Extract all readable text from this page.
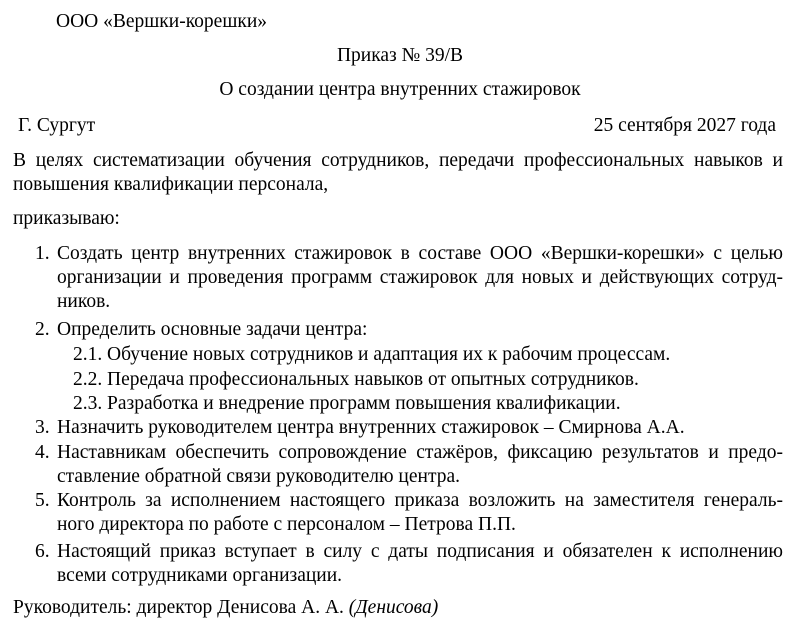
ООО «Вершки-корешки»
Приказ № 39/В
О создании центра внутренних стажировок
Г. Сургут	25 сентября 2027 года
В целях систематизации обучения сотрудников, передачи профессиональных навыков и
повышения квалификации персонала,
приказываю:
1. Создать центр внутренних стажировок в составе ООО «Вершки-корешки» с целью
организации и проведения программ стажировок для новых и действующих сотруд-
ников.
2. Определить основные задачи центра:
2.1. Обучение новых сотрудников и адаптация их к рабочим процессам.
2.2. Передача профессиональных навыков от опытных сотрудников.
2.3. Разработка и внедрение программ повышения квалификации.
3. Назначить руководителем центра внутренних стажировок – Смирнова А.А.
4. Наставникам обеспечить сопровождение стажёров, фиксацию результатов и предо-
ставление обратной связи руководителю центра.
5. Контроль за исполнением настоящего приказа возложить на заместителя генераль-
ного директора по работе с персоналом – Петрова П.П.
6. Настоящий приказ вступает в силу с даты подписания и обязателен к исполнению
всеми сотрудниками организации.
Руководитель: директор Денисова А. А. (Денисова)
